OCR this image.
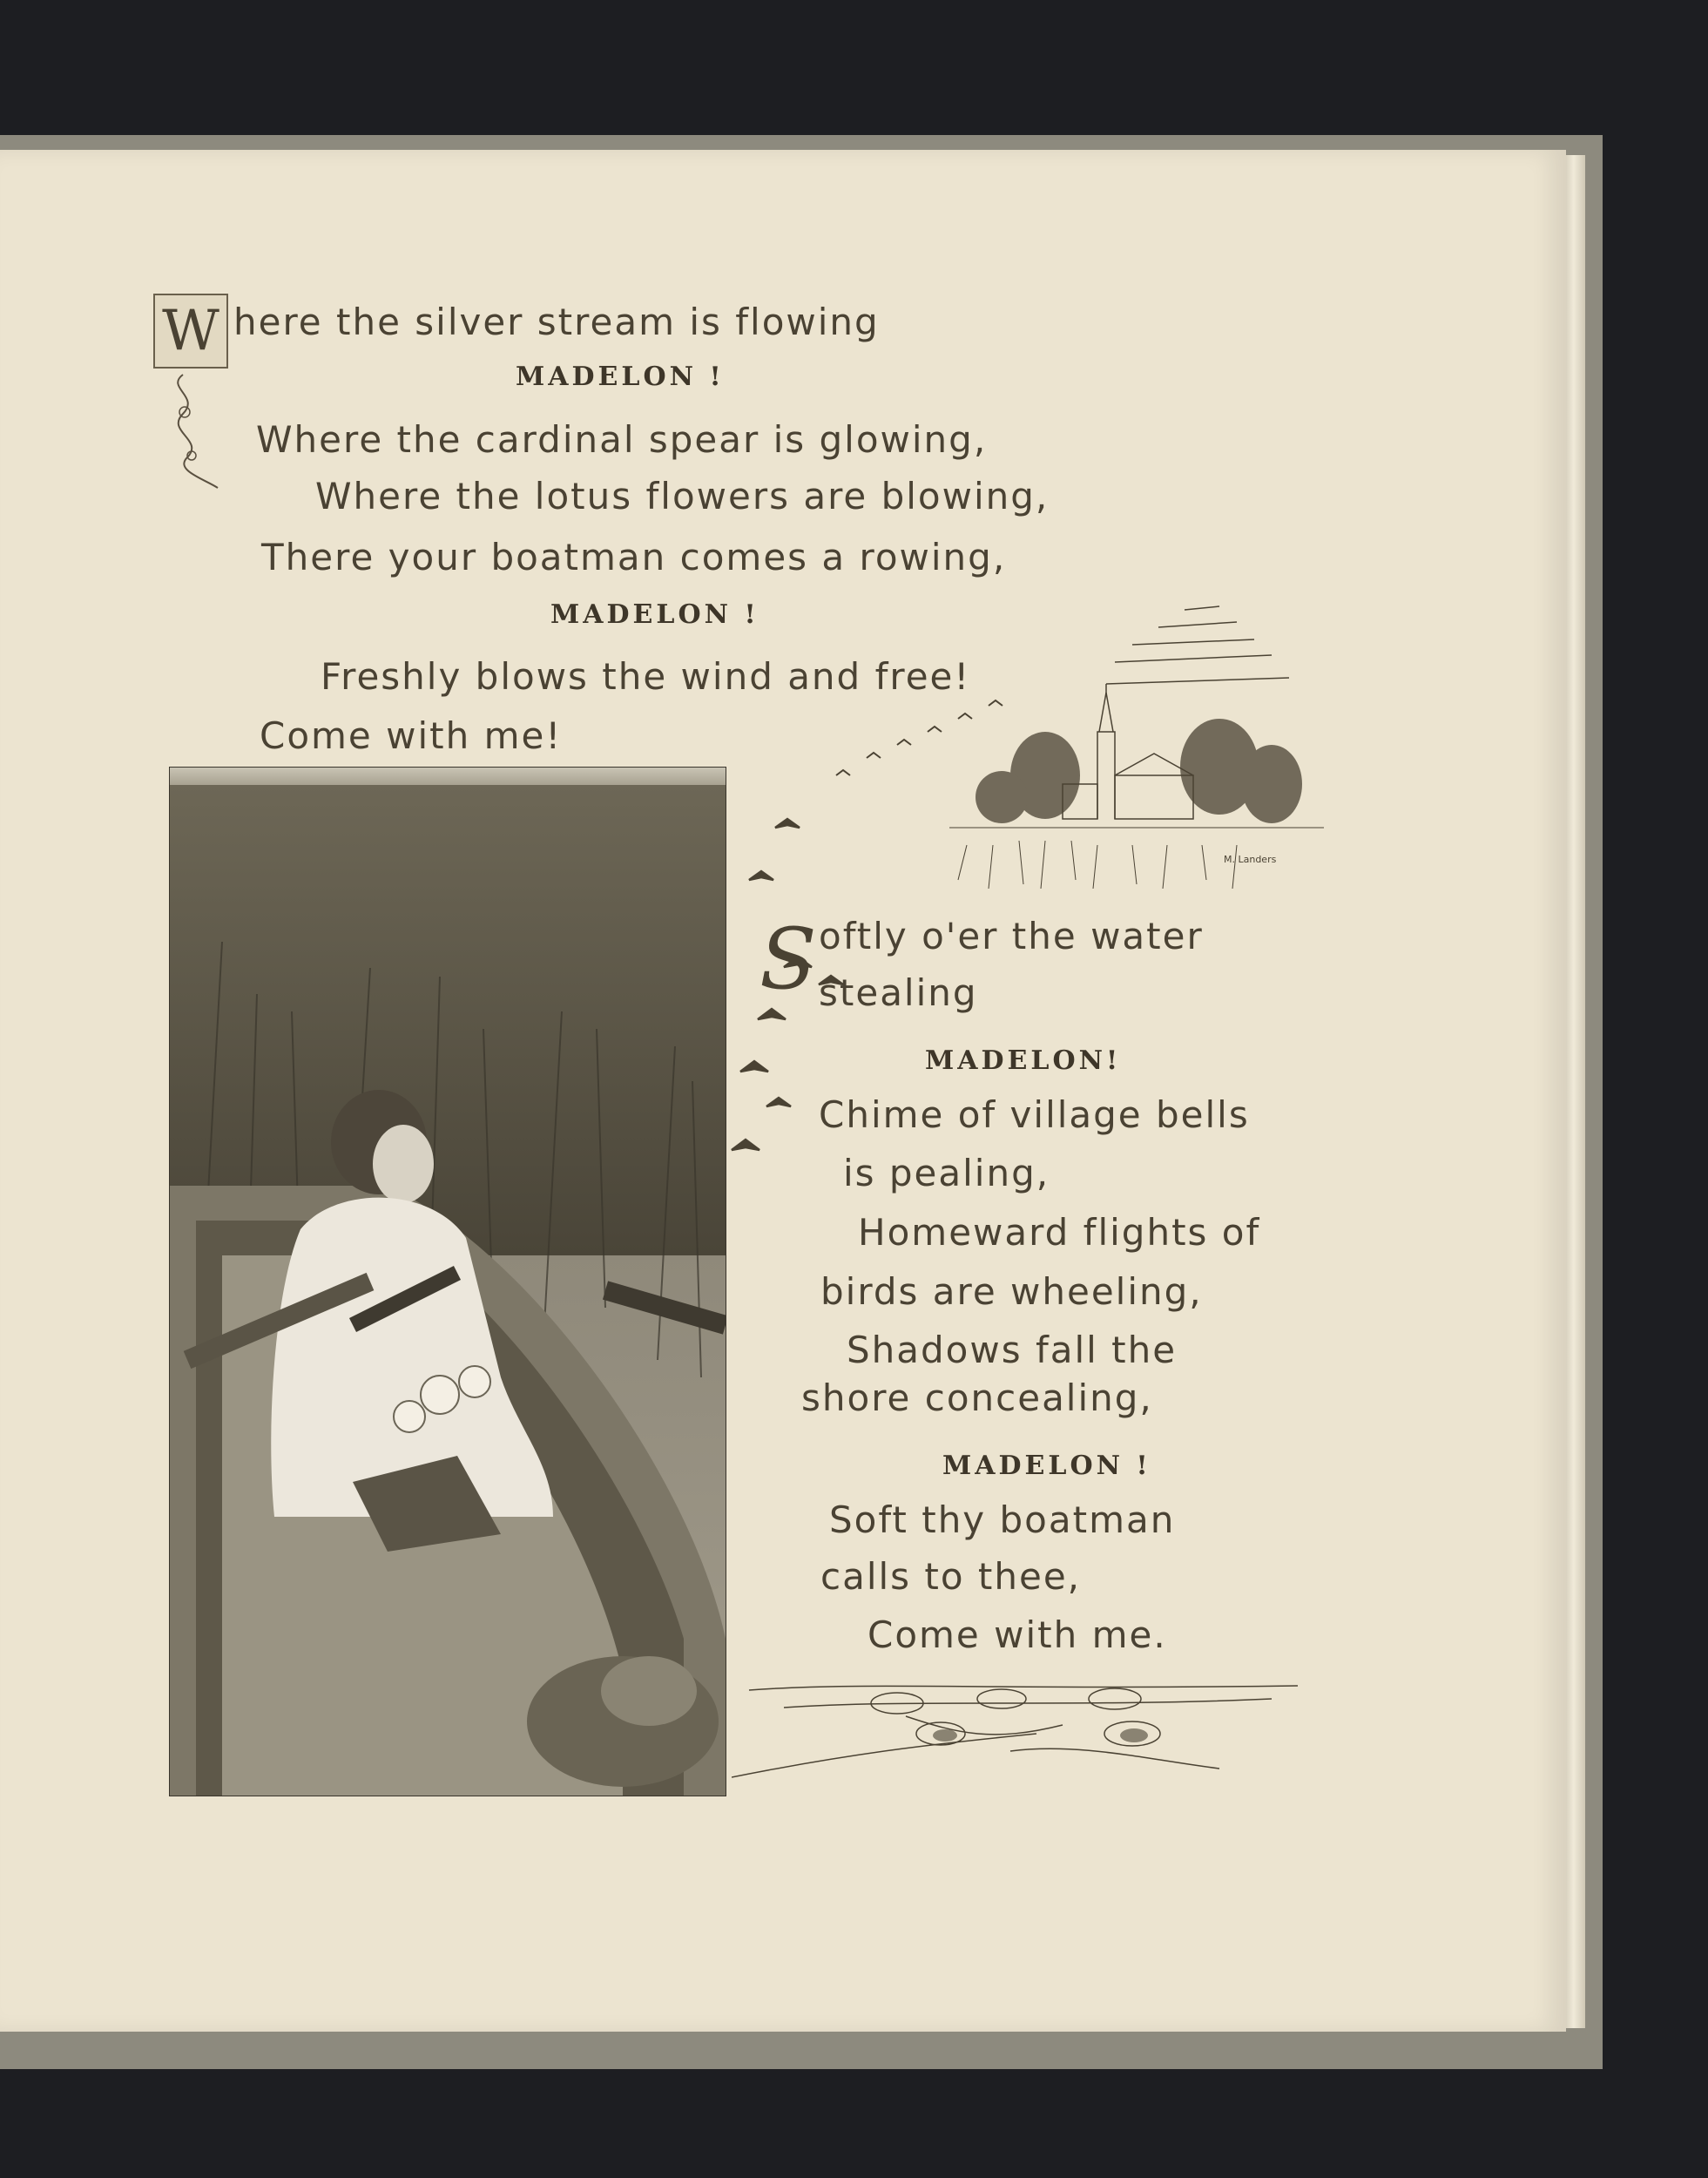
W here the silver stream is flowing
MADELON !
Where the cardinal spear is glowing,
Where the lotus flowers are blowing,
There your boatman comes a rowing,
MADELON !
Freshly blows the wind and free!
Come with me!
M. Landers
S oftly o'er the water
stealing
MADELON!
Chime of village bells
is pealing,
Homeward flights of
birds are wheeling,
Shadows fall the
shore concealing,
MADELON !
Soft thy boatman
calls to thee,
Come with me.
